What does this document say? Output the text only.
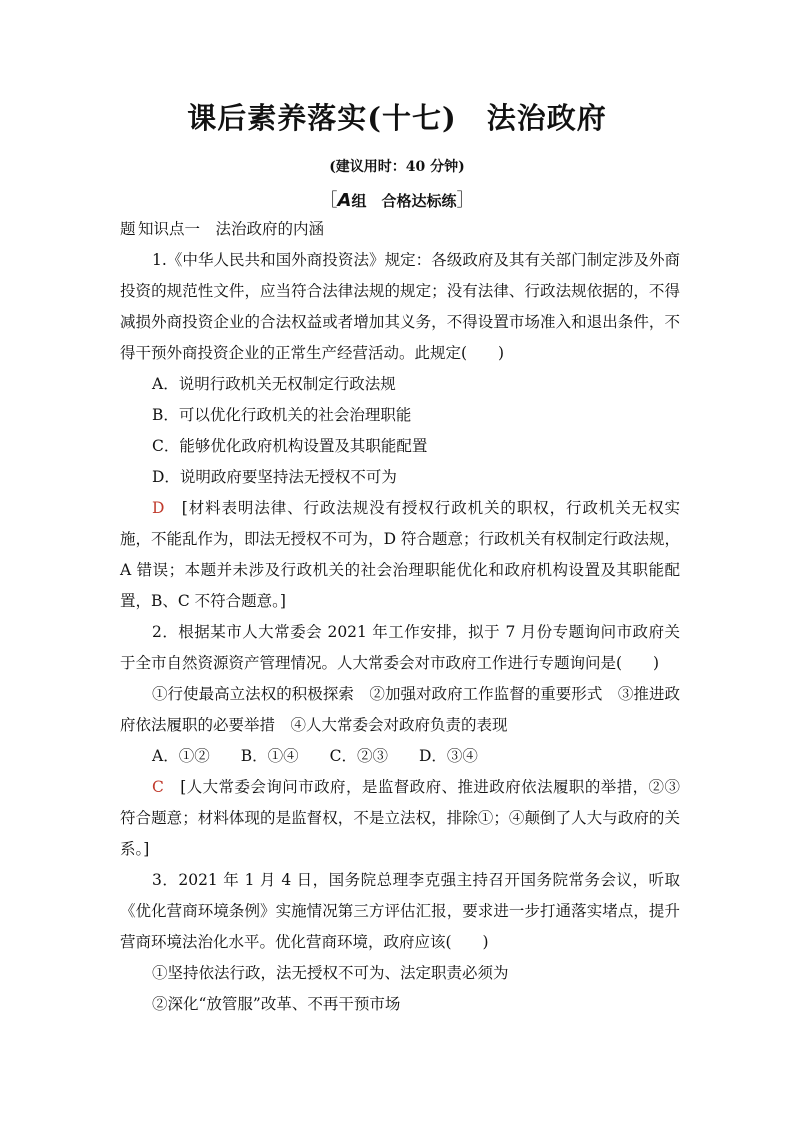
课后素养落实(十七) 法治政府
(建议用时：40 分钟)
［A组　合格达标练］

题 知识点一　法治政府的内涵

1.《中华人民共和国外商投资法》规定：各级政府及其有关部门制定涉及外商投资的规范性文件，应当符合法律法规的规定；没有法律、行政法规依据的，不得减损外商投资企业的合法权益或者增加其义务，不得设置市场准入和退出条件，不得干预外商投资企业的正常生产经营活动。此规定(　　)

A．说明行政机关无权制定行政法规

B．可以优化行政机关的社会治理职能

C．能够优化政府机构设置及其职能配置

D．说明政府要坚持法无授权不可为

D　[材料表明法律、行政法规没有授权行政机关的职权，行政机关无权实施，不能乱作为，即法无授权不可为，D 符合题意；行政机关有权制定行政法规，A 错误；本题并未涉及行政机关的社会治理职能优化和政府机构设置及其职能配置，B、C 不符合题意。]

2．根据某市人大常委会 2021 年工作安排，拟于 7 月份专题询问市政府关于全市自然资源资产管理情况。人大常委会对市政府工作进行专题询问是(　　)

①行使最高立法权的积极探索　②加强对政府工作监督的重要形式　③推进政府依法履职的必要举措　④人大常委会对政府负责的表现

A．①②　　B．①④　　C．②③　　D．③④

C　[人大常委会询问市政府，是监督政府、推进政府依法履职的举措，②③符合题意；材料体现的是监督权，不是立法权，排除①；④颠倒了人大与政府的关系。]

3．2021 年 1 月 4 日，国务院总理李克强主持召开国务院常务会议，听取《优化营商环境条例》实施情况第三方评估汇报，要求进一步打通落实堵点，提升营商环境法治化水平。优化营商环境，政府应该(　　)

①坚持依法行政，法无授权不可为、法定职责必须为

②深化“放管服”改革、不再干预市场
